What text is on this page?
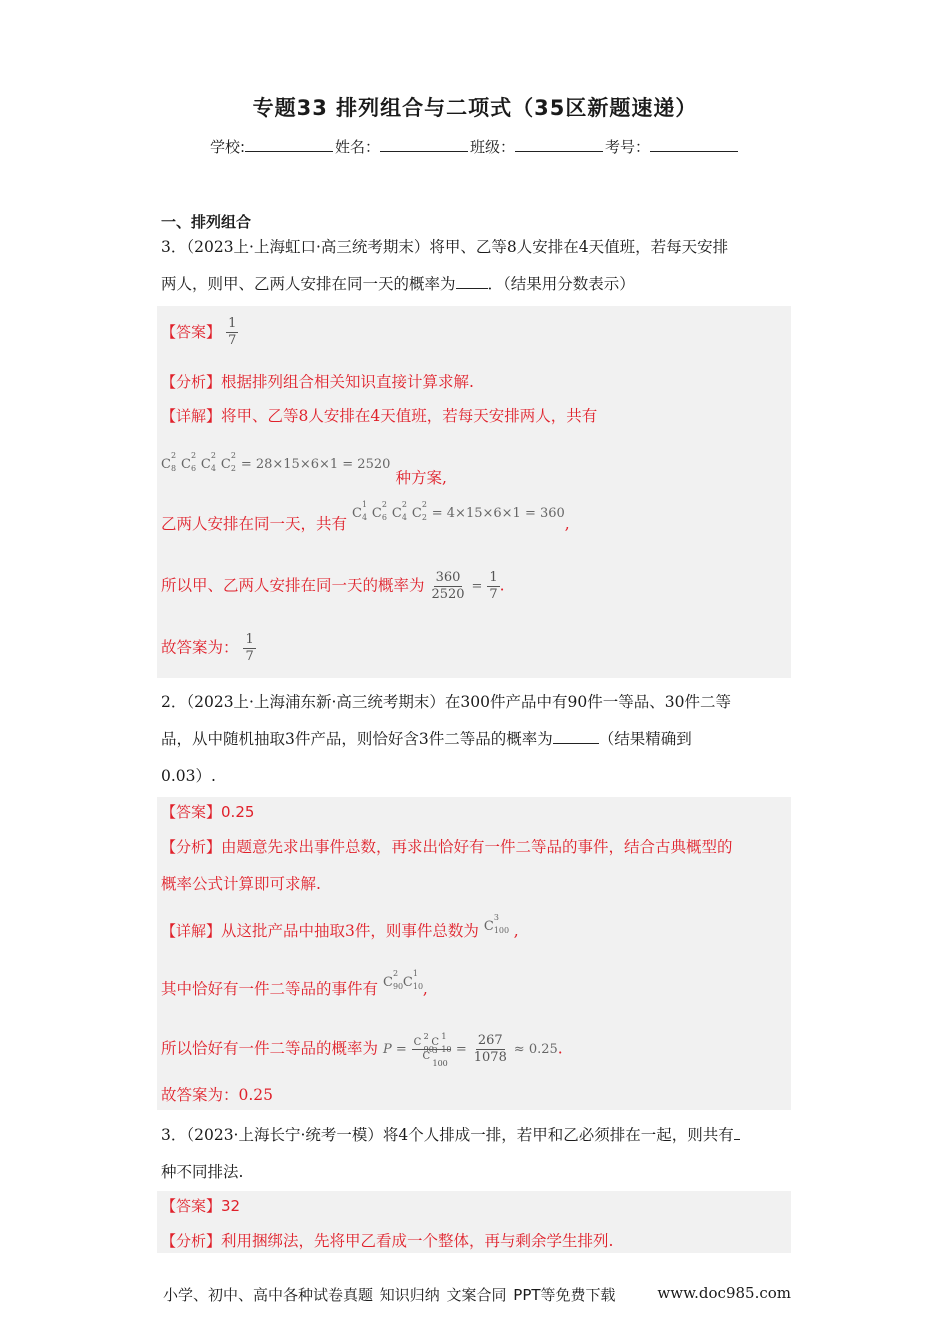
专题33 排列组合与二项式（35区新题速递）
学校:	姓名：	班级：	考号：
一、排列组合
3．（2023上·上海虹口·高三统考期末）将甲、乙等8人安排在4天值班，若每天安排
两人，则甲、乙两人安排在同一天的概率为 ．（结果用分数表示）
【答案】 $\frac{1}{7}$
【分析】根据排列组合相关知识直接计算求解.
【详解】将甲、乙等8人安排在4天值班，若每天安排两人，共有
C
2
8 C
2
6 C
2
4 C
2
2 = 28×15×6×1 = 2520 种方案,
乙两人安排在同一天，共有 C
1
4 C
2
6 C
2
4 C
2
2 = 4×15×6×1 = 360,
所以甲、乙两人安排在同一天的概率为 $\frac{360}{2520} = \frac{1}{7}$ .
故答案为： $\frac{1}{7}$
2．（2023上·上海浦东新·高三统考期末）在300件产品中有90件一等品、30件二等
品，从中随机抽取3件产品，则恰好含3件二等品的概率为	（结果精确到
0.03）.
【答案】0.25
【分析】由题意先求出事件总数，再求出恰好有一件二等品的事件，结合古典概型的
概率公式计算即可求解.
【详解】从这批产品中抽取3件，则事件总数为 C
3
100 ,
其中恰好有一件二等品的事件有 C
2
90 C
1
10 ,
所以恰好有一件二等品的概率为 P = C
2
90
C
1
10
C
3
$100 = \frac{267}{1078} \approx 0.25$.
故答案为：0.25
3．（2023·上海长宁·统考一模）将4个人排成一排，若甲和乙必须排在一起，则共有
种不同排法.
【答案】32
【分析】利用捆绑法，先将甲乙看成一个整体，再与剩余学生排列.
小学、初中、高中各种试卷真题 知识归纳 文案合同 PPT等免费下载	www.doc985.com
